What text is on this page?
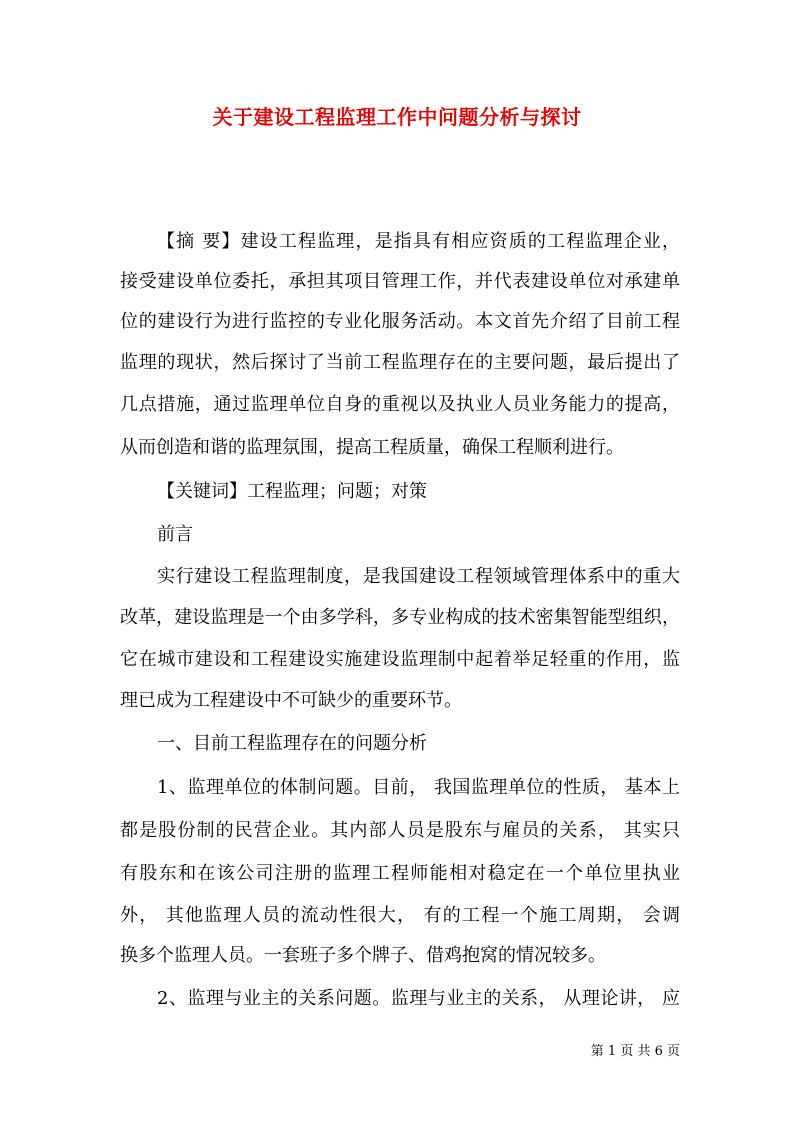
关于建设工程监理工作中问题分析与探讨
【摘 要】建设工程监理，是指具有相应资质的工程监理企业，
接受建设单位委托，承担其项目管理工作，并代表建设单位对承建单
位的建设行为进行监控的专业化服务活动。本文首先介绍了目前工程
监理的现状，然后探讨了当前工程监理存在的主要问题，最后提出了
几点措施，通过监理单位自身的重视以及执业人员业务能力的提高，
从而创造和谐的监理氛围，提高工程质量，确保工程顺利进行。
【关键词】工程监理；问题；对策
前言
实行建设工程监理制度，是我国建设工程领域管理体系中的重大
改革，建设监理是一个由多学科，多专业构成的技术密集智能型组织，
它在城市建设和工程建设实施建设监理制中起着举足轻重的作用，监
理已成为工程建设中不可缺少的重要环节。
一、目前工程监理存在的问题分析
1、监理单位的体制问题。目前， 我国监理单位的性质， 基本上
都是股份制的民营企业。其内部人员是股东与雇员的关系， 其实只
有股东和在该公司注册的监理工程师能相对稳定在一个单位里执业
外， 其他监理人员的流动性很大， 有的工程一个施工周期， 会调
换多个监理人员。一套班子多个牌子、借鸡抱窝的情况较多。
2、监理与业主的关系问题。监理与业主的关系， 从理论讲， 应
第 1 页 共 6 页
